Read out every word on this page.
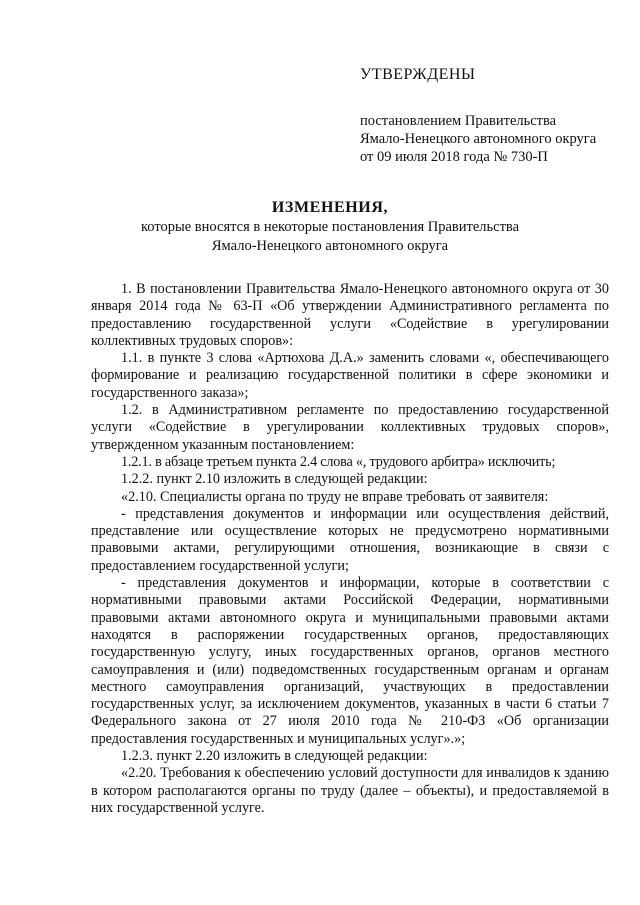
УТВЕРЖДЕНЫ
постановлением Правительства
Ямало-Ненецкого автономного округа
от 09 июля 2018 года № 730-П
ИЗМЕНЕНИЯ,
которые вносятся в некоторые постановления Правительства
Ямало-Ненецкого автономного округа

1. В постановлении Правительства Ямало-Ненецкого автономного округа от 30 января 2014 года № 63-П «Об утверждении Административного регламента по предоставлению государственной услуги «Содействие в урегулировании коллективных трудовых споров»:

1.1. в пункте 3 слова «Артюхова Д.А.» заменить словами «, обеспечивающего формирование и реализацию государственной политики в сфере экономики и государственного заказа»;

1.2. в Административном регламенте по предоставлению государственной услуги «Содействие в урегулировании коллективных трудовых споров», утвержденном указанным постановлением:

1.2.1. в абзаце третьем пункта 2.4 слова «, трудового арбитра» исключить;

1.2.2. пункт 2.10 изложить в следующей редакции:

«2.10. Специалисты органа по труду не вправе требовать от заявителя:

- представления документов и информации или осуществления действий, представление или осуществление которых не предусмотрено нормативными правовыми актами, регулирующими отношения, возникающие в связи с предоставлением государственной услуги;

- представления документов и информации, которые в соответствии с нормативными правовыми актами Российской Федерации, нормативными правовыми актами автономного округа и муниципальными правовыми актами находятся в распоряжении государственных органов, предоставляющих государственную услугу, иных государственных органов, органов местного самоуправления и (или) подведомственных государственным органам и органам местного самоуправления организаций, участвующих в предоставлении государственных услуг, за исключением документов, указанных в части 6 статьи 7 Федерального закона от 27 июля 2010 года № 210-ФЗ «Об организации предоставления государственных и муниципальных услуг».»;

1.2.3. пункт 2.20 изложить в следующей редакции:

«2.20. Требования к обеспечению условий доступности для инвалидов к зданию в котором располагаются органы по труду (далее – объекты), и предоставляемой в них государственной услуге.
